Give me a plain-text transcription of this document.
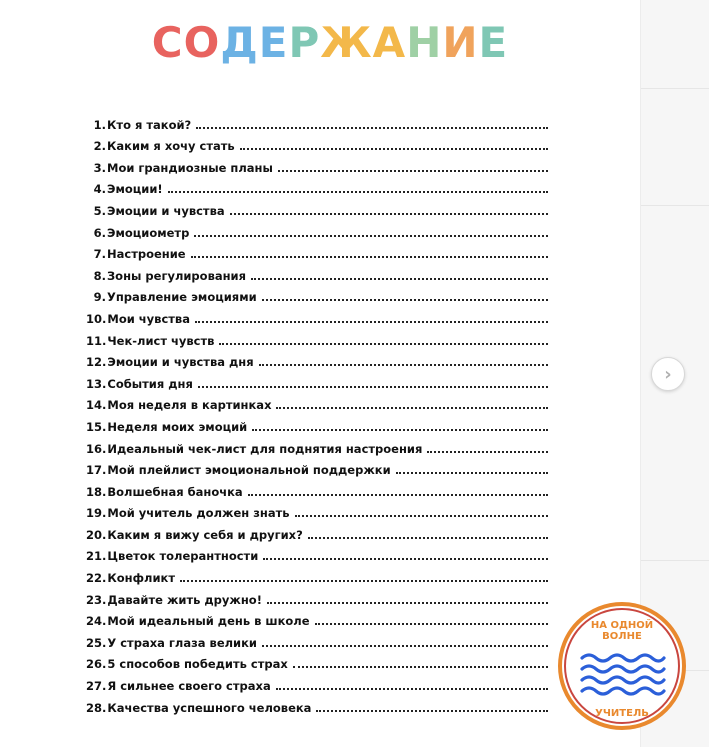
СОДЕРЖАНИЕ
1. Кто я такой?
2. Каким я хочу стать
3. Мои грандиозные планы
4. Эмоции!
5. Эмоции и чувства
6. Эмоциометр
7. Настроение
8. Зоны регулирования
9. Управление эмоциями
10. Мои чувства
11. Чек-лист чувств
12. Эмоции и чувства дня
13. События дня
14. Моя неделя в картинках
15. Неделя моих эмоций
16. Идеальный чек-лист для поднятия настроения
17. Мой плейлист эмоциональной поддержки
18. Волшебная баночка
19. Мой учитель должен знать
20. Каким я вижу себя и других?
21. Цветок толерантности
22. Конфликт
23. Давайте жить дружно!
24. Мой идеальный день в школе
25. У страха глаза велики
26. 5 способов победить страх
27. Я сильнее своего страха
28. Качества успешного человека
›
НА ОДНОЙ
ВОЛНЕ
УЧИТЕЛЬ
